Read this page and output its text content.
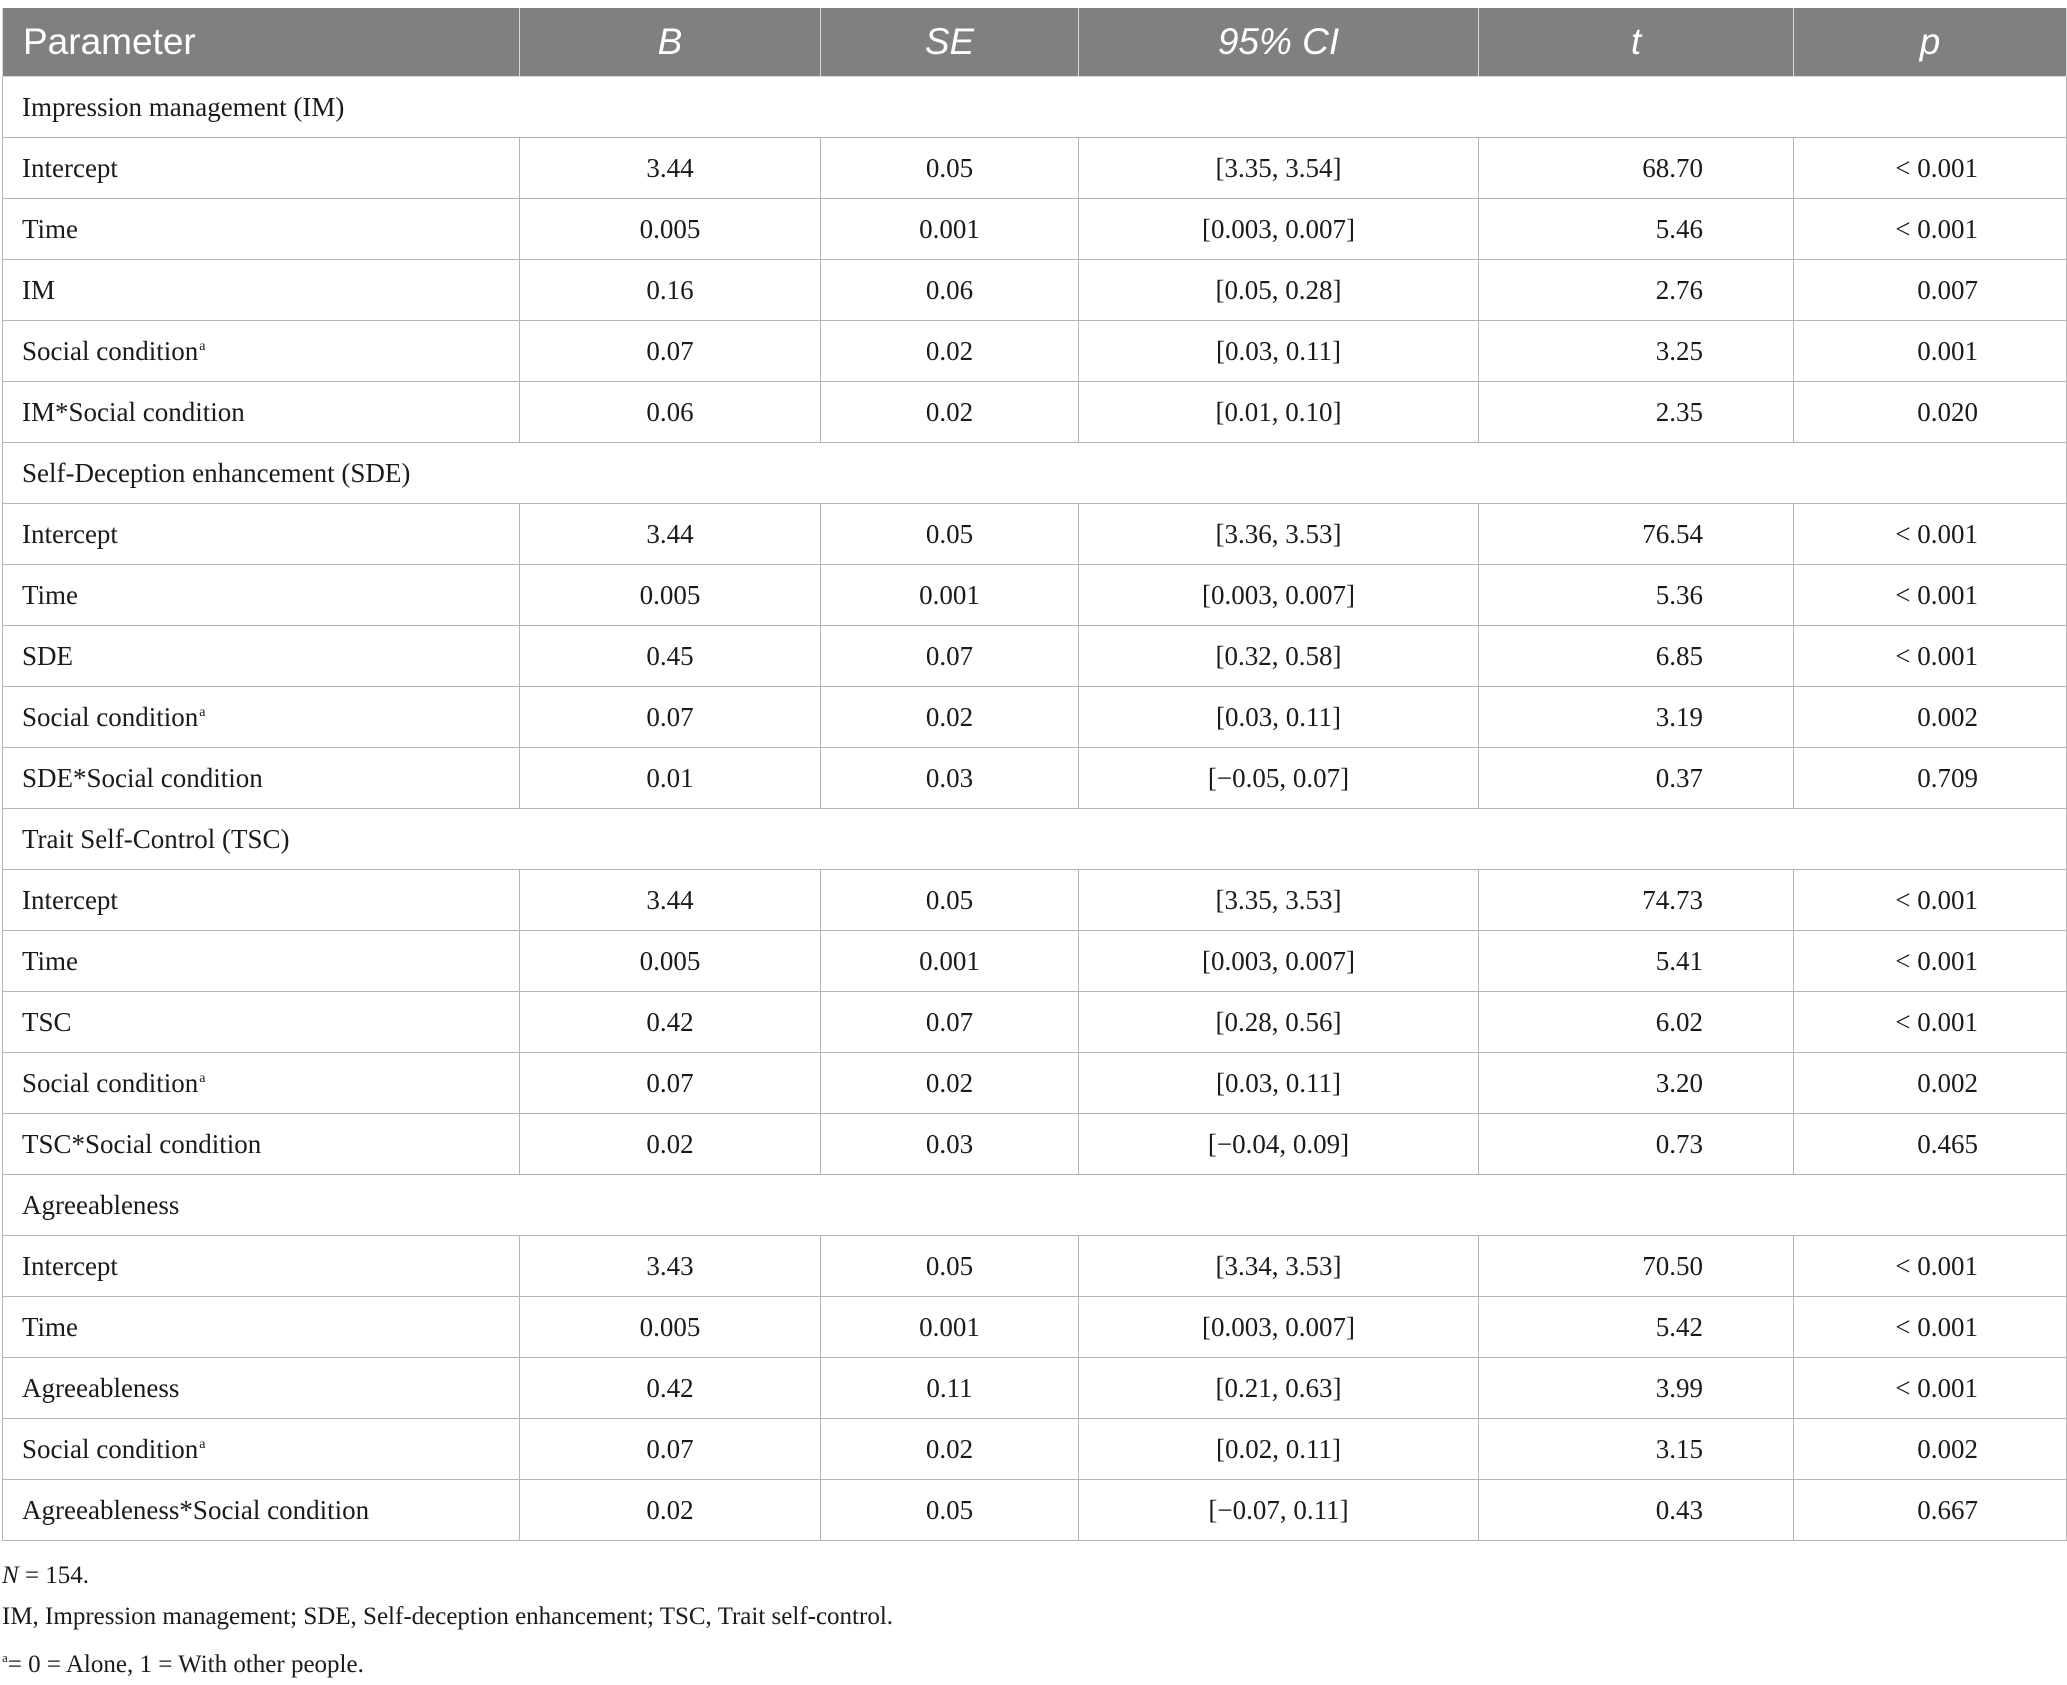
Parameter	B	SE	95% CI	t	p
Impression management (IM)					
Intercept	3.44	0.05	[3.35, 3.54]	68.70	< 0.001
Time	0.005	0.001	[0.003, 0.007]	5.46	< 0.001
IM	0.16	0.06	[0.05, 0.28]	2.76	0.007
Social condition$^a$	0.07	0.02	[0.03, 0.11]	3.25	0.001
IM*Social condition	0.06	0.02	[0.01, 0.10]	2.35	0.020
Self-Deception enhancement (SDE)					
Intercept	3.44	0.05	[3.36, 3.53]	76.54	< 0.001
Time	0.005	0.001	[0.003, 0.007]	5.36	< 0.001
SDE	0.45	0.07	[0.32, 0.58]	6.85	< 0.001
Social condition$^a$	0.07	0.02	[0.03, 0.11]	3.19	0.002
SDE*Social condition	0.01	0.03	[−0.05, 0.07]	0.37	0.709
Trait Self-Control (TSC)					
Intercept	3.44	0.05	[3.35, 3.53]	74.73	< 0.001
Time	0.005	0.001	[0.003, 0.007]	5.41	< 0.001
TSC	0.42	0.07	[0.28, 0.56]	6.02	< 0.001
Social condition$^a$	0.07	0.02	[0.03, 0.11]	3.20	0.002
TSC*Social condition	0.02	0.03	[−0.04, 0.09]	0.73	0.465
Agreeableness					
Intercept	3.43	0.05	[3.34, 3.53]	70.50	< 0.001
Time	0.005	0.001	[0.003, 0.007]	5.42	< 0.001
Agreeableness	0.42	0.11	[0.21, 0.63]	3.99	< 0.001
Social condition$^a$	0.07	0.02	[0.02, 0.11]	3.15	0.002
Agreeableness*Social condition	0.02	0.05	[−0.07, 0.11]	0.43	0.667
N = 154.
IM, Impression management; SDE, Self-deception enhancement; TSC, Trait self-control.
$^a$= 0 = Alone, 1 = With other people.
